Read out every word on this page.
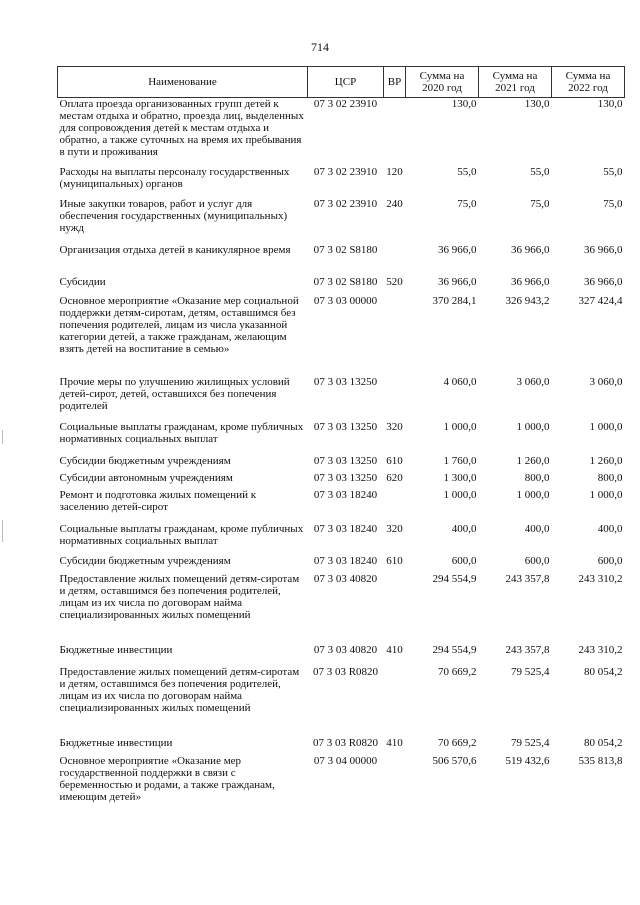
714
Наименование	ЦСР	ВР	Сумма на 2020 год	Сумма на 2021 год	Сумма на 2022 год
Оплата проезда организованных групп детей к местам отдыха и обратно, проезда лиц, выделенных для сопровождения детей к местам отдыха и обратно, а также суточных на время их пребывания в пути и проживания	07 3 02 23910		130,0	130,0	130,0
Расходы на выплаты персоналу государственных (муниципальных) органов	07 3 02 23910	120	55,0	55,0	55,0
Иные закупки товаров, работ и услуг для обеспечения государственных (муниципальных) нужд	07 3 02 23910	240	75,0	75,0	75,0
Организация отдыха детей в каникулярное время	07 3 02 S8180		36 966,0	36 966,0	36 966,0
Субсидии	07 3 02 S8180	520	36 966,0	36 966,0	36 966,0
Основное мероприятие «Оказание мер социальной поддержки детям-сиротам, детям, оставшимся без попечения родителей, лицам из числа указанной категории детей, а также гражданам, желающим взять детей на воспитание в семью»	07 3 03 00000		370 284,1	326 943,2	327 424,4
Прочие меры по улучшению жилищных условий детей-сирот, детей, оставшихся без попечения родителей	07 3 03 13250		4 060,0	3 060,0	3 060,0
Социальные выплаты гражданам, кроме публичных нормативных социальных выплат	07 3 03 13250	320	1 000,0	1 000,0	1 000,0
Субсидии бюджетным учреждениям	07 3 03 13250	610	1 760,0	1 260,0	1 260,0
Субсидии автономным учреждениям	07 3 03 13250	620	1 300,0	800,0	800,0
Ремонт и подготовка жилых помещений к заселению детей-сирот	07 3 03 18240		1 000,0	1 000,0	1 000,0
Социальные выплаты гражданам, кроме публичных нормативных социальных выплат	07 3 03 18240	320	400,0	400,0	400,0
Субсидии бюджетным учреждениям	07 3 03 18240	610	600,0	600,0	600,0
Предоставление жилых помещений детям-сиротам и детям, оставшимся без попечения родителей, лицам из их числа по договорам найма специализированных жилых помещений	07 3 03 40820		294 554,9	243 357,8	243 310,2
Бюджетные инвестиции	07 3 03 40820	410	294 554,9	243 357,8	243 310,2
Предоставление жилых помещений детям-сиротам и детям, оставшимся без попечения родителей, лицам из их числа по договорам найма специализированных жилых помещений	07 3 03 R0820		70 669,2	79 525,4	80 054,2
Бюджетные инвестиции	07 3 03 R0820	410	70 669,2	79 525,4	80 054,2
Основное мероприятие «Оказание мер государственной поддержки в связи с беременностью и родами, а также гражданам, имеющим детей»	07 3 04 00000		506 570,6	519 432,6	535 813,8
